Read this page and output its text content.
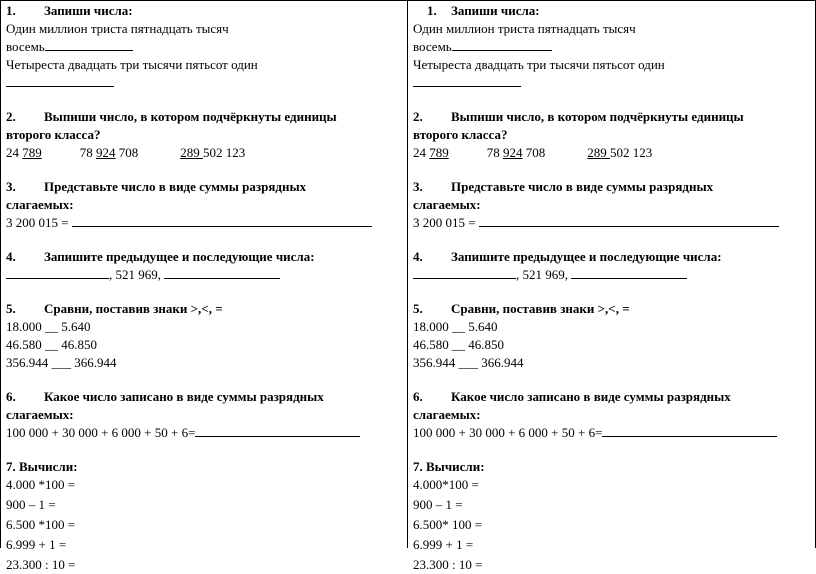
1. Запиши числа:
Один миллион триста пятнадцать тысяч
восемь
Четыреста двадцать три тысячи пятьсот один
2. Выпиши число, в котором подчёркнуты единицы
второго класса?
24 789	78 924 708	289 502 123
3. Представьте число в виде суммы разрядных
слагаемых:
3 200 015 =
4. Запишите предыдущее и последующие числа:
, 521 969,
5. Сравни, поставив знаки >,<, =
18.000 __ 5.640
46.580 __ 46.850
356.944 ___ 366.944
6. Какое число записано в виде суммы разрядных
слагаемых:
100 000 + 30 000 + 6 000 + 50 + 6=
7. Вычисли:
4.000 *100 =
900 – 1 =
6.500 *100 =
6.999 + 1 =
23.300 : 10 =
1. Запиши числа:
Один миллион триста пятнадцать тысяч
восемь
Четыреста двадцать три тысячи пятьсот один
2. Выпиши число, в котором подчёркнуты единицы
второго класса?
24 789	78 924 708	289 502 123
3. Представьте число в виде суммы разрядных
слагаемых:
3 200 015 =
4. Запишите предыдущее и последующие числа:
, 521 969,
5. Сравни, поставив знаки >,<, =
18.000 __ 5.640
46.580 __ 46.850
356.944 ___ 366.944
6. Какое число записано в виде суммы разрядных
слагаемых:
100 000 + 30 000 + 6 000 + 50 + 6=
7. Вычисли:
4.000*100 =
900 – 1 =
6.500* 100 =
6.999 + 1 =
23.300 : 10 =
